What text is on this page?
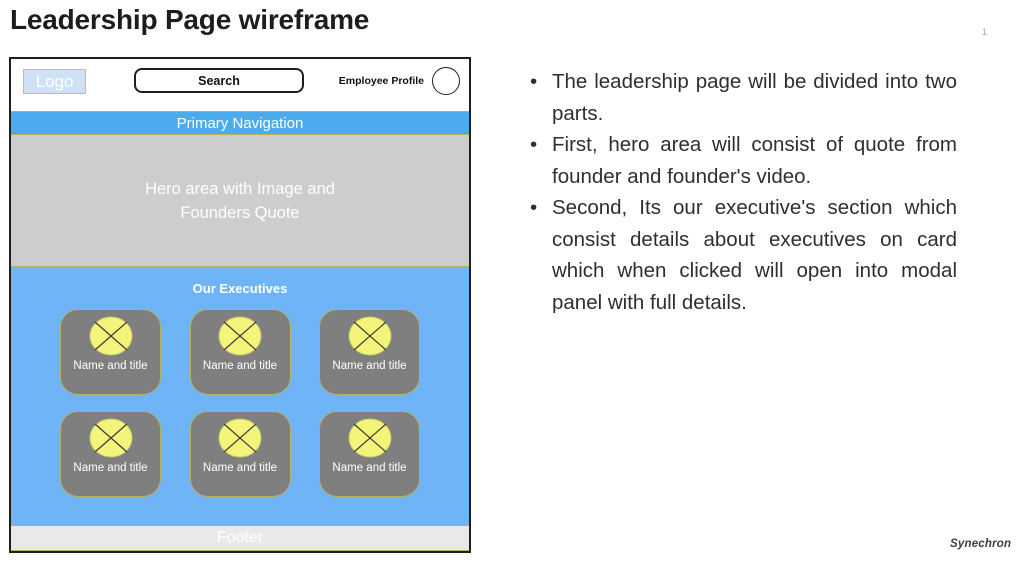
Leadership Page wireframe	1
Logo	Search	Employee Profile
Primary Navigation
Hero area with Image and
Founders Quote
Our Executives
Name and title	Name and title	Name and title
Name and title	Name and title	Name and title
Footer
• The leadership page will be divided into two parts.
• First, hero area will consist of quote from founder and founder's video.
• Second, Its our executive's section which consist details about executives on card which when clicked will open into modal panel with full details.
Synechron
